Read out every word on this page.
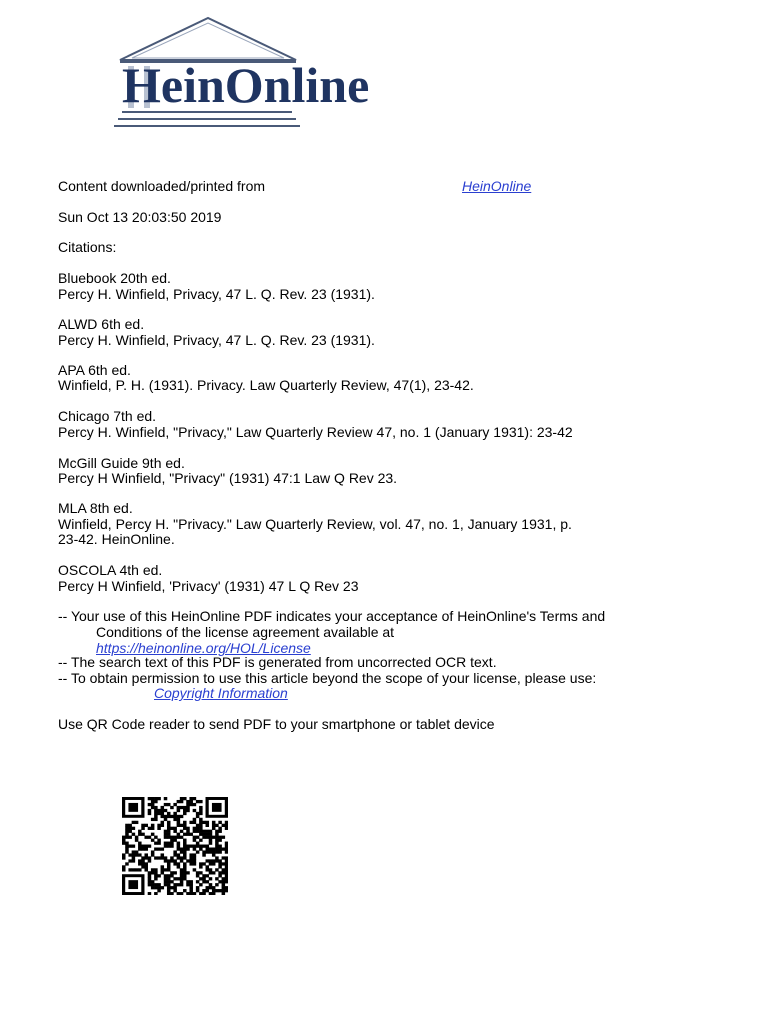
HeinOnline
Content downloaded/printed from	HeinOnline
Sun Oct 13 20:03:50 2019
Citations:
Bluebook 20th ed.
Percy H. Winfield, Privacy, 47 L. Q. Rev. 23 (1931).
ALWD 6th ed.
Percy H. Winfield, Privacy, 47 L. Q. Rev. 23 (1931).
APA 6th ed.
Winfield, P. H. (1931). Privacy. Law Quarterly Review, 47(1), 23-42.
Chicago 7th ed.
Percy H. Winfield, "Privacy," Law Quarterly Review 47, no. 1 (January 1931): 23-42
McGill Guide 9th ed.
Percy H Winfield, "Privacy" (1931) 47:1 Law Q Rev 23.
MLA 8th ed.
Winfield, Percy H. "Privacy." Law Quarterly Review, vol. 47, no. 1, January 1931, p.
23-42. HeinOnline.
OSCOLA 4th ed.
Percy H Winfield, 'Privacy' (1931) 47 L Q Rev 23
-- Your use of this HeinOnline PDF indicates your acceptance of HeinOnline's Terms and
Conditions of the license agreement available at
https://heinonline.org/HOL/License
-- The search text of this PDF is generated from uncorrected OCR text.
-- To obtain permission to use this article beyond the scope of your license, please use:
Copyright Information
Use QR Code reader to send PDF to your smartphone or tablet device
